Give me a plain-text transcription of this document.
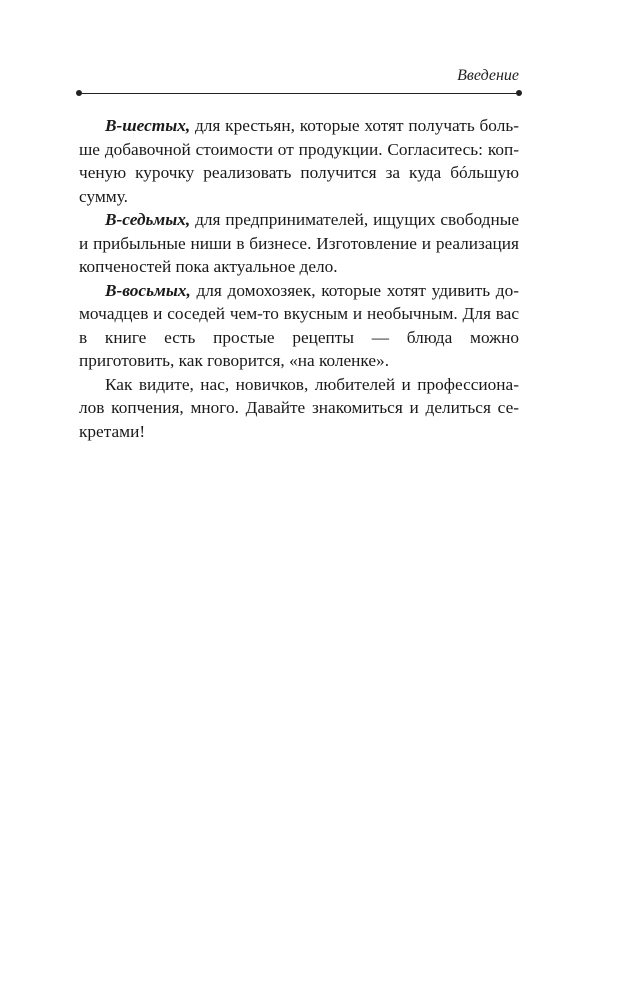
Введение

В-шестых, для крестьян, которые хотят получать больше добавочной стоимости от продукции. Согласитесь: копченую курочку реализовать получится за куда бóльшую сумму.

В-седьмых, для предпринимателей, ищущих свободные и прибыльные ниши в бизнесе. Изготовление и реализация копченостей пока актуальное дело.

В-восьмых, для домохозяек, которые хотят удивить домочадцев и соседей чем-то вкусным и необычным. Для вас в книге есть простые рецепты — блюда можно приготовить, как говорится, «на коленке».

Как видите, нас, новичков, любителей и профессионалов копчения, много. Давайте знакомиться и делиться секретами!
